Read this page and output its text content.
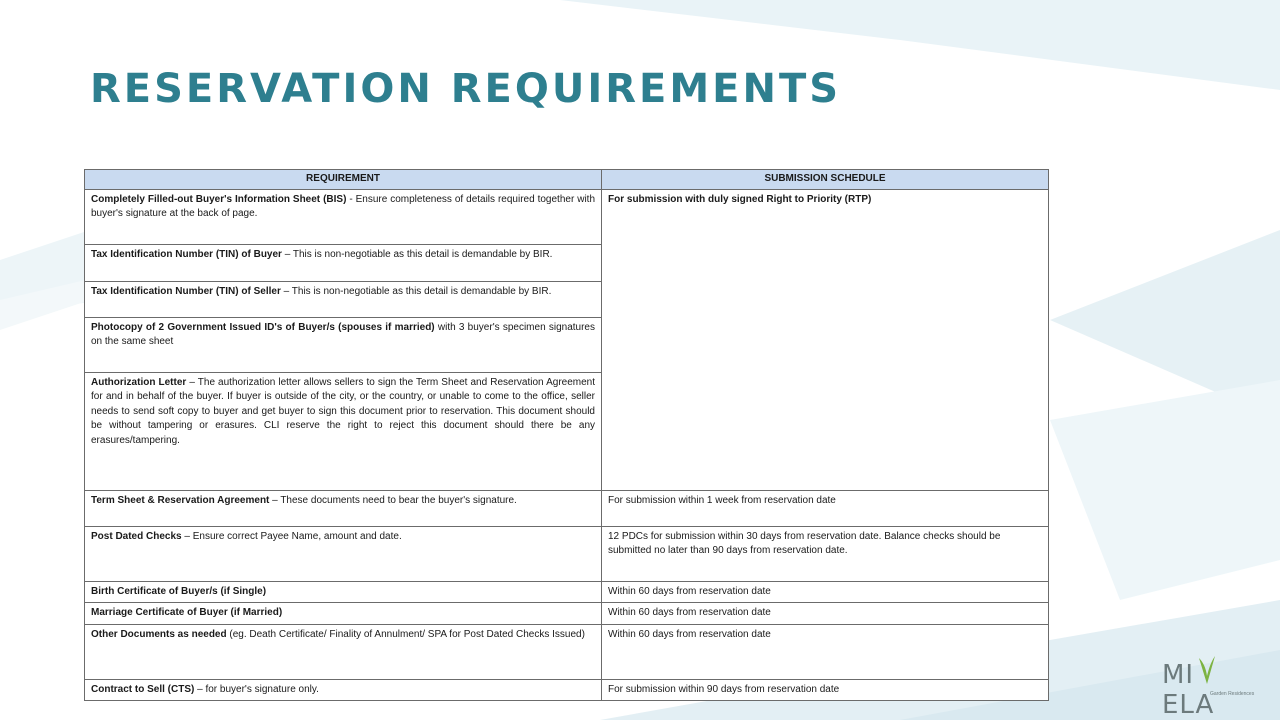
RESERVATION REQUIREMENTS
REQUIREMENT	SUBMISSION SCHEDULE
Completely Filled-out Buyer's Information Sheet (BIS) - Ensure completeness of details required together with buyer's signature at the back of page.	For submission with duly signed Right to Priority (RTP)
Tax Identification Number (TIN) of Buyer – This is non-negotiable as this detail is demandable by BIR.	
Tax Identification Number (TIN) of Seller – This is non-negotiable as this detail is demandable by BIR.	
Photocopy of 2 Government Issued ID's of Buyer/s (spouses if married) with 3 buyer's specimen signatures on the same sheet	
Authorization Letter – The authorization letter allows sellers to sign the Term Sheet and Reservation Agreement for and in behalf of the buyer. If buyer is outside of the city, or the country, or unable to come to the office, seller needs to send soft copy to buyer and get buyer to sign this document prior to reservation. This document should be without tampering or erasures. CLI reserve the right to reject this document should there be any erasures/tampering.	
Term Sheet & Reservation Agreement – These documents need to bear the buyer's signature.	For submission within 1 week from reservation date
Post Dated Checks – Ensure correct Payee Name, amount and date.	12 PDCs for submission within 30 days from reservation date. Balance checks should be submitted no later than 90 days from reservation date.
Birth Certificate of Buyer/s (if Single)	Within 60 days from reservation date
Marriage Certificate of Buyer (if Married)	Within 60 days from reservation date
Other Documents as needed (eg. Death Certificate/ Finality of Annulment/ SPA for Post Dated Checks Issued)	Within 60 days from reservation date
Contract to Sell (CTS) – for buyer's signature only.	For submission within 90 days from reservation date	MIELA
Garden Residences
